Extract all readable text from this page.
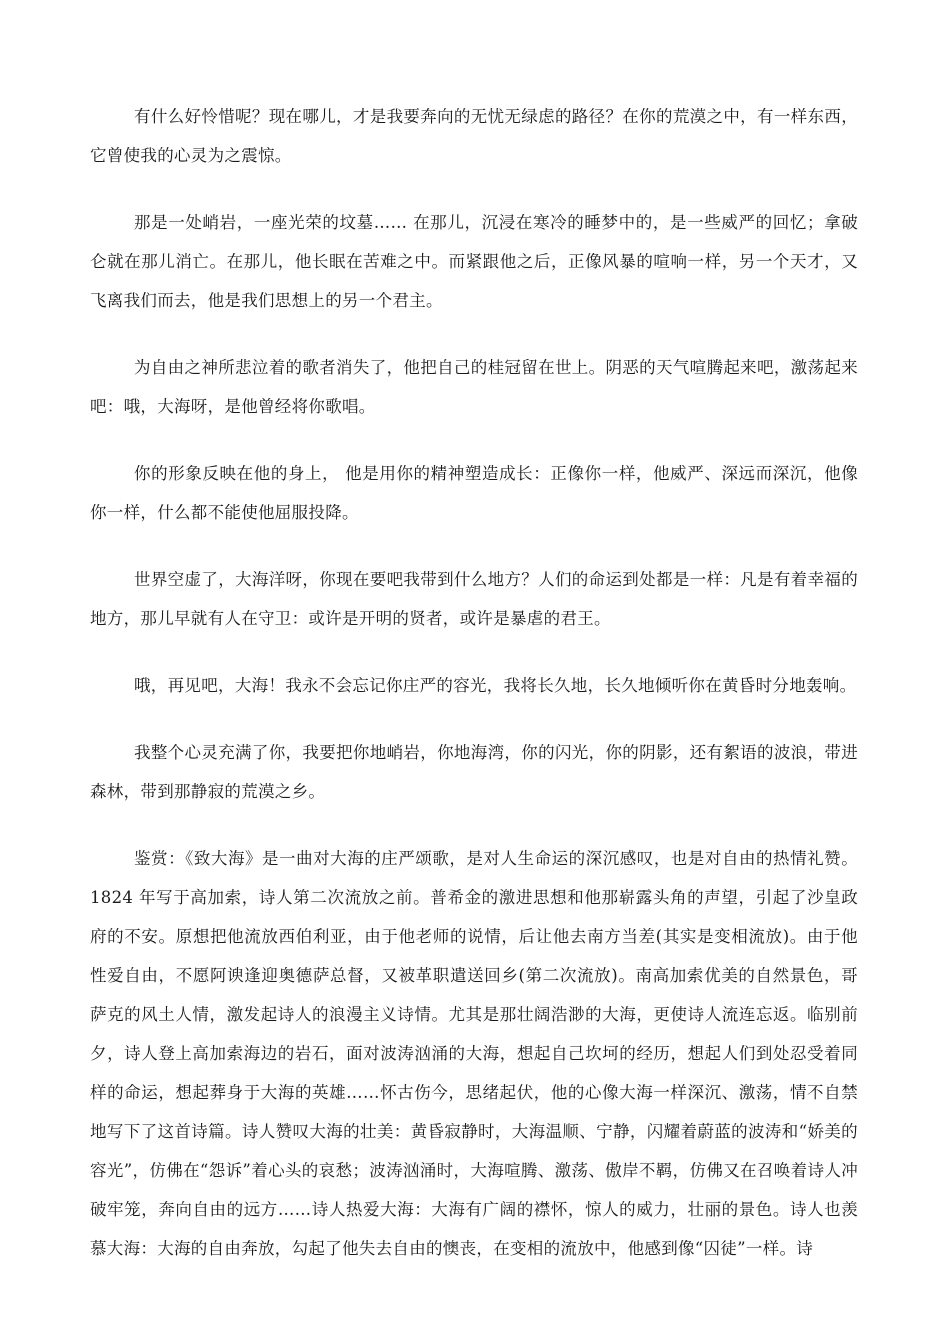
有什么好怜惜呢？现在哪儿，才是我要奔向的无忧无绿虑的路径？在你的荒漠之中，有一样东西，它曾使我的心灵为之震惊。

那是一处峭岩，一座光荣的坟墓…… 在那儿，沉浸在寒冷的睡梦中的，是一些威严的回忆；拿破仑就在那儿消亡。在那儿，他长眠在苦难之中。而紧跟他之后，正像风暴的喧响一样，另一个天才，又飞离我们而去，他是我们思想上的另一个君主。

为自由之神所悲泣着的歌者消失了，他把自己的桂冠留在世上。阴恶的天气喧腾起来吧，激荡起来吧：哦，大海呀，是他曾经将你歌唱。

你的形象反映在他的身上， 他是用你的精神塑造成长：正像你一样，他威严、深远而深沉，他像你一样，什么都不能使他屈服投降。

世界空虚了，大海洋呀，你现在要吧我带到什么地方？人们的命运到处都是一样：凡是有着幸福的地方，那儿早就有人在守卫：或许是开明的贤者，或许是暴虐的君王。

哦，再见吧，大海！我永不会忘记你庄严的容光，我将长久地，长久地倾听你在黄昏时分地轰响。

我整个心灵充满了你，我要把你地峭岩，你地海湾，你的闪光，你的阴影，还有絮语的波浪，带进森林，带到那静寂的荒漠之乡。

鉴赏：《致大海》是一曲对大海的庄严颂歌，是对人生命运的深沉感叹，也是对自由的热情礼赞。1824 年写于高加索，诗人第二次流放之前。普希金的激进思想和他那崭露头角的声望，引起了沙皇政府的不安。原想把他流放西伯利亚，由于他老师的说情，后让他去南方当差(其实是变相流放)。由于他性爱自由，不愿阿谀逢迎奥德萨总督，又被革职遣送回乡(第二次流放)。南高加索优美的自然景色，哥萨克的风土人情，激发起诗人的浪漫主义诗情。尤其是那壮阔浩渺的大海，更使诗人流连忘返。临别前夕，诗人登上高加索海边的岩石，面对波涛汹涌的大海，想起自己坎坷的经历，想起人们到处忍受着同样的命运，想起葬身于大海的英雄……怀古伤今，思绪起伏，他的心像大海一样深沉、激荡，情不自禁地写下了这首诗篇。诗人赞叹大海的壮美：黄昏寂静时，大海温顺、宁静，闪耀着蔚蓝的波涛和“娇美的容光”，仿佛在“怨诉”着心头的哀愁；波涛汹涌时，大海喧腾、激荡、傲岸不羁，仿佛又在召唤着诗人冲破牢笼，奔向自由的远方……诗人热爱大海：大海有广阔的襟怀，惊人的威力，壮丽的景色。诗人也羡慕大海：大海的自由奔放，勾起了他失去自由的懊丧，在变相的流放中，他感到像“囚徒”一样。诗
